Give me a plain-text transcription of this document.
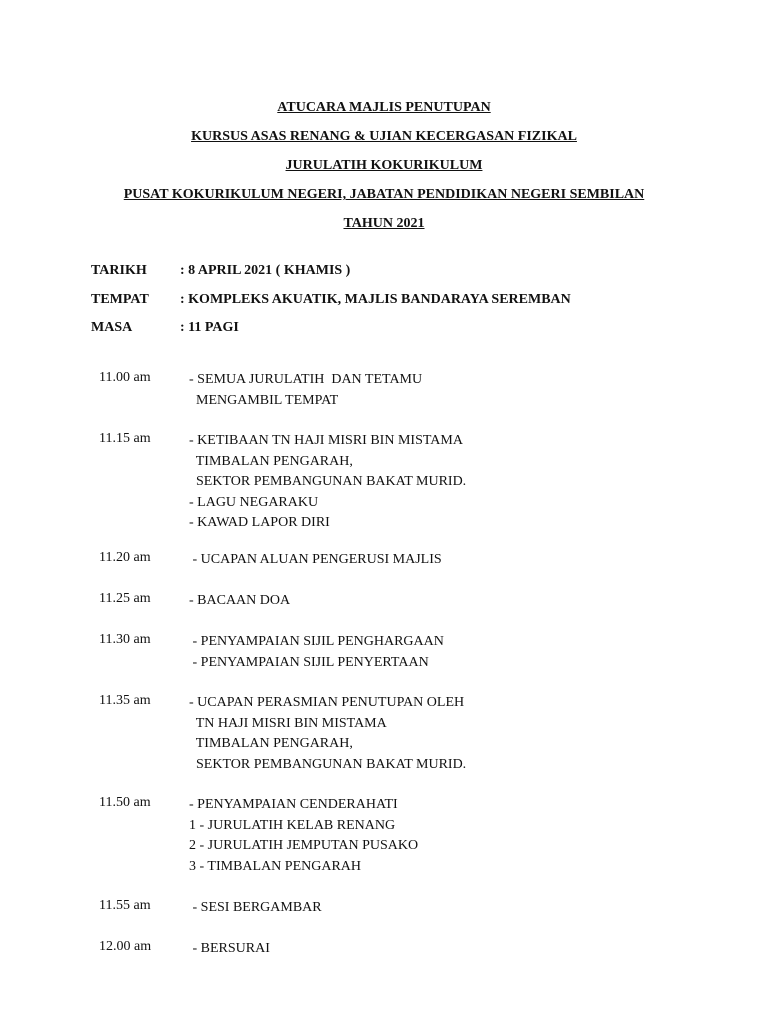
ATUCARA MAJLIS PENUTUPAN
KURSUS ASAS RENANG & UJIAN KECERGASAN FIZIKAL
JURULATIH KOKURIKULUM
PUSAT KOKURIKULUM NEGERI, JABATAN PENDIDIKAN NEGERI SEMBILAN
TAHUN 2021
TARIKH : 8 APRIL 2021 ( KHAMIS )
TEMPAT : KOMPLEKS AKUATIK, MAJLIS BANDARAYA SEREMBAN
MASA	: 11 PAGI
11.00 am	- SEMUA JURULATIH  DAN TETAMU
MENGAMBIL TEMPAT
11.15 am	- KETIBAAN TN HAJI MISRI BIN MISTAMA
TIMBALAN PENGARAH,
SEKTOR PEMBANGUNAN BAKAT MURID.
- LAGU NEGARAKU
- KAWAD LAPOR DIRI
11.20 am	- UCAPAN ALUAN PENGERUSI MAJLIS
11.25 am	- BACAAN DOA
11.30 am	- PENYAMPAIAN SIJIL PENGHARGAAN
- PENYAMPAIAN SIJIL PENYERTAAN
11.35 am	- UCAPAN PERASMIAN PENUTUPAN OLEH
TN HAJI MISRI BIN MISTAMA
TIMBALAN PENGARAH,
SEKTOR PEMBANGUNAN BAKAT MURID.
11.50 am	- PENYAMPAIAN CENDERAHATI
1 - JURULATIH KELAB RENANG
2 - JURULATIH JEMPUTAN PUSAKO
3 - TIMBALAN PENGARAH
11.55 am	- SESI BERGAMBAR
12.00 am	- BERSURAI
